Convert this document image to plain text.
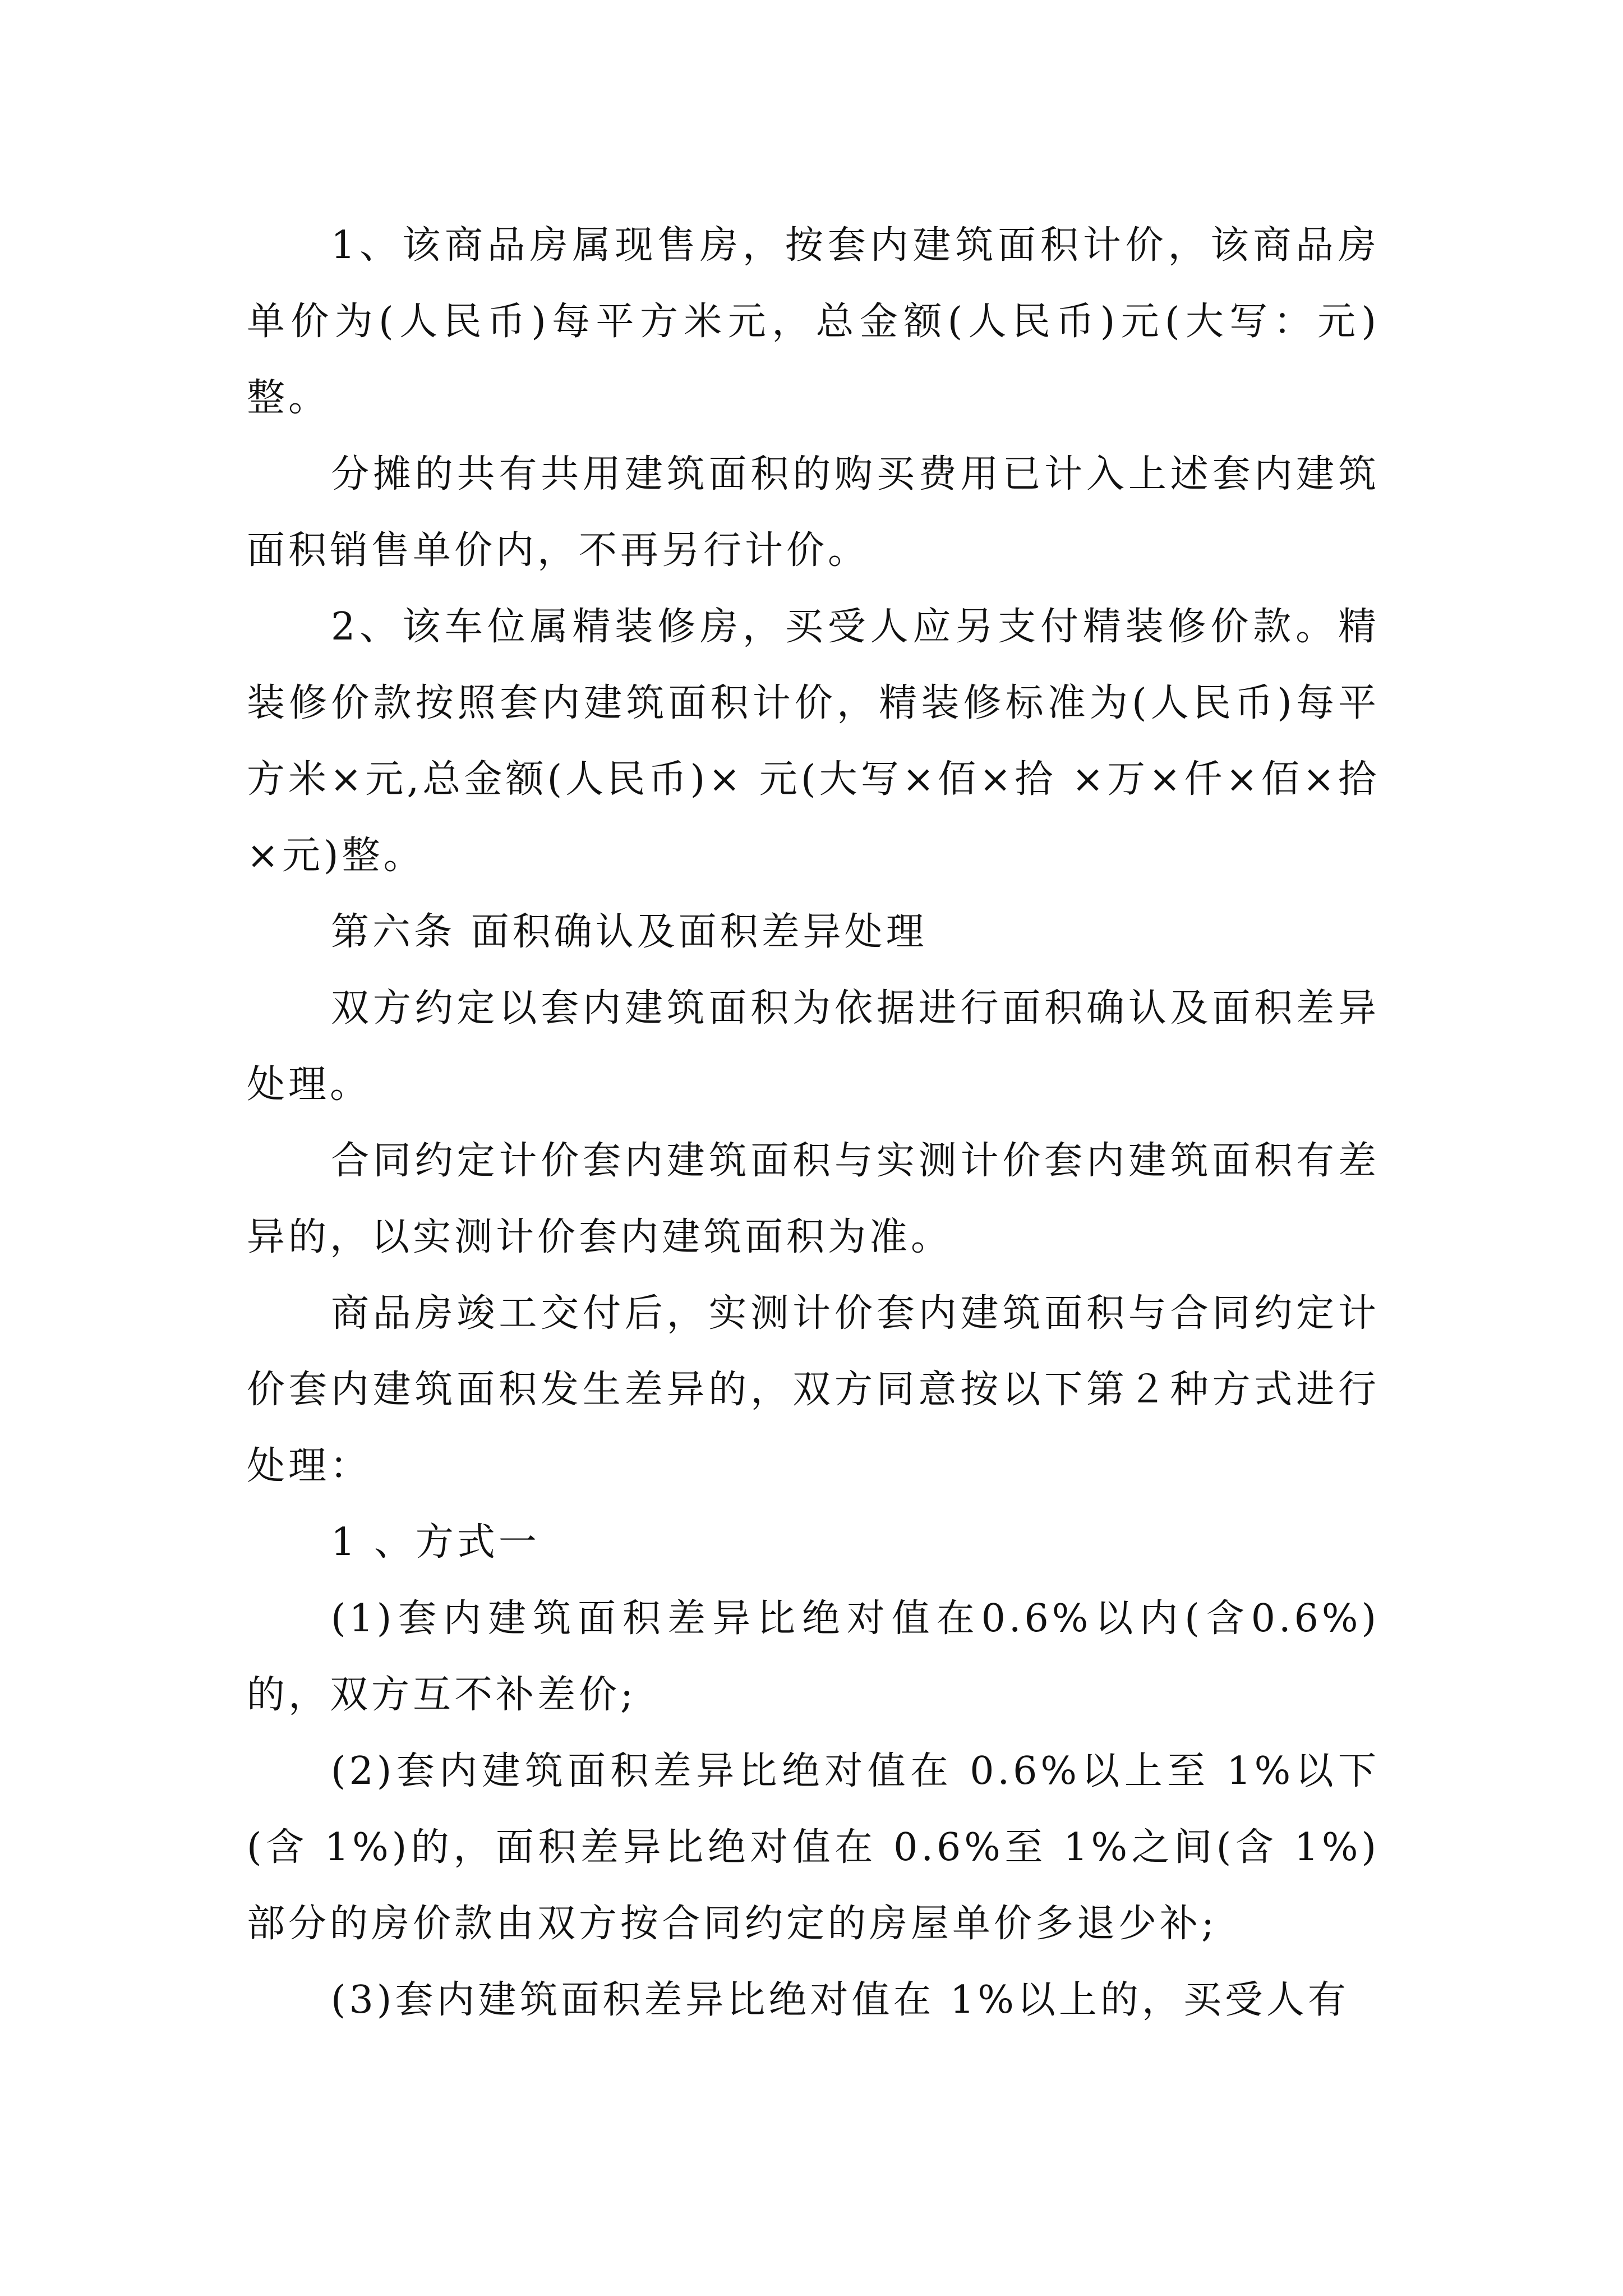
1、该商品房属现售房，按套内建筑面积计价，该商品房单价为(人民币)每平方米元，总金额(人民币)元(大写：元)整。

分摊的共有共用建筑面积的购买费用已计入上述套内建筑面积销售单价内，不再另行计价。

2、该车位属精装修房，买受人应另支付精装修价款。精装修价款按照套内建筑面积计价，精装修标准为(人民币)每平方米×元,总金额(人民币)× 元(大写×佰×拾 ×万×仟×佰×拾×元)整。

第六条 面积确认及面积差异处理

双方约定以套内建筑面积为依据进行面积确认及面积差异处理。

合同约定计价套内建筑面积与实测计价套内建筑面积有差异的，以实测计价套内建筑面积为准。

商品房竣工交付后，实测计价套内建筑面积与合同约定计价套内建筑面积发生差异的，双方同意按以下第２种方式进行处理：

1 、方式一

(1)套内建筑面积差异比绝对值在0.6%以内(含0.6%)的，双方互不补差价;

(2)套内建筑面积差异比绝对值在 0.6%以上至 1%以下(含 1%)的，面积差异比绝对值在 0.6%至 1%之间(含 1%)部分的房价款由双方按合同约定的房屋单价多退少补;

(3)套内建筑面积差异比绝对值在 1%以上的，买受人有
